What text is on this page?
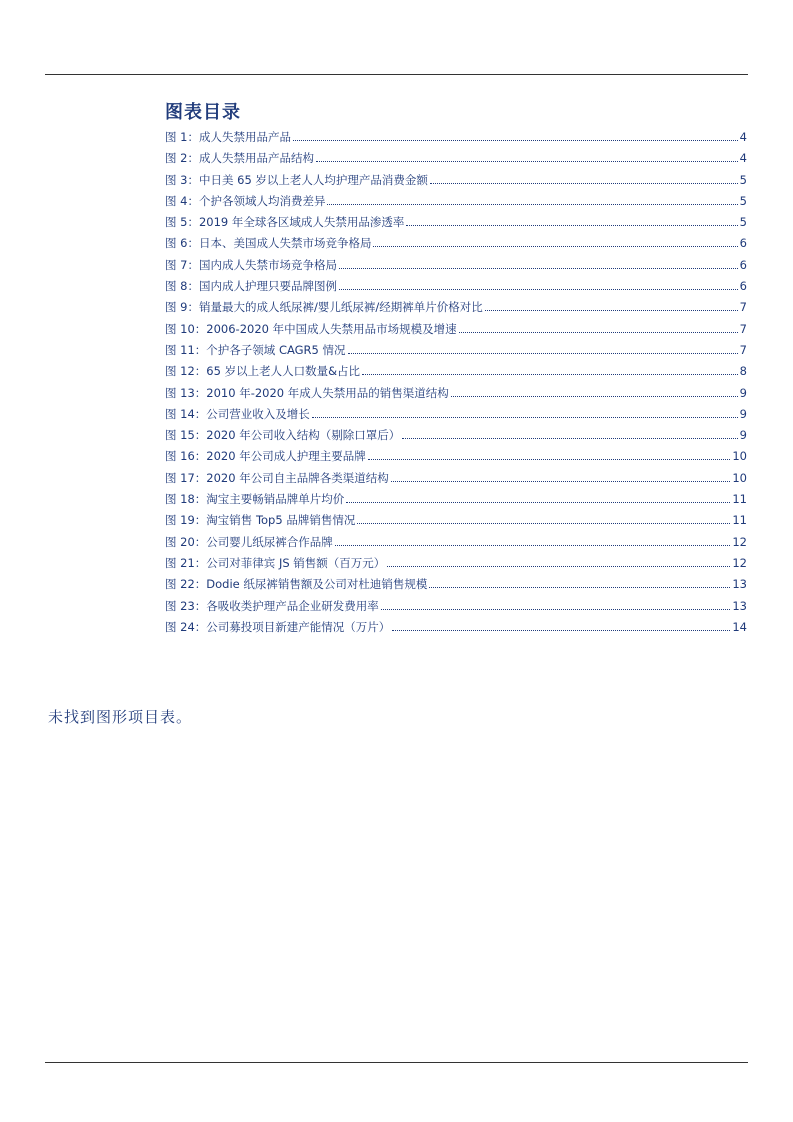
图表目录
图 1：成人失禁用品产品	4
图 2：成人失禁用品产品结构	4
图 3：中日美 65 岁以上老人人均护理产品消费金额	5
图 4：个护各领域人均消费差异	5
图 5：2019 年全球各区域成人失禁用品渗透率	5
图 6：日本、美国成人失禁市场竞争格局	6
图 7：国内成人失禁市场竞争格局	6
图 8：国内成人护理只要品牌图例	6
图 9：销量最大的成人纸尿裤/婴儿纸尿裤/经期裤单片价格对比	7
图 10：2006-2020 年中国成人失禁用品市场规模及增速	7
图 11：个护各子领域 CAGR5 情况	7
图 12：65 岁以上老人人口数量&占比	8
图 13：2010 年-2020 年成人失禁用品的销售渠道结构	9
图 14：公司营业收入及增长	9
图 15：2020 年公司收入结构（剔除口罩后）	9
图 16：2020 年公司成人护理主要品牌	10
图 17：2020 年公司自主品牌各类渠道结构	10
图 18：淘宝主要畅销品牌单片均价	11
图 19：淘宝销售 Top5 品牌销售情况	11
图 20：公司婴儿纸尿裤合作品牌	12
图 21：公司对菲律宾 JS 销售额（百万元）	12
图 22：Dodie 纸尿裤销售额及公司对杜迪销售规模	13
图 23：各吸收类护理产品企业研发费用率	13
图 24：公司募投项目新建产能情况（万片）	14
未找到图形项目表。
